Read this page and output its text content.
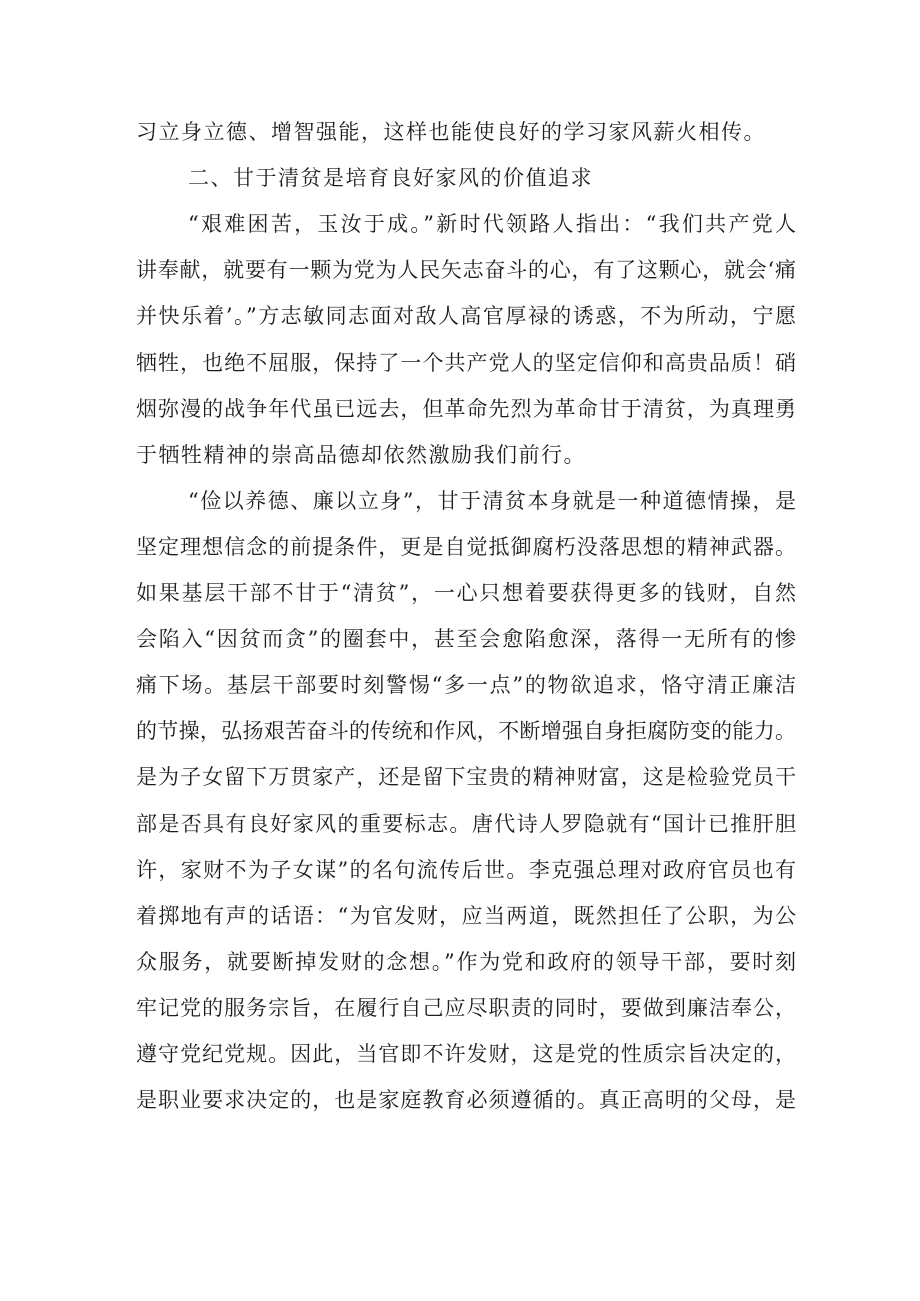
习立身立德、增智强能，这样也能使良好的学习家风薪火相传。
二、甘于清贫是培育良好家风的价值追求
“艰难困苦，玉汝于成。”新时代领路人指出：“我们共产党人
讲奉献，就要有一颗为党为人民矢志奋斗的心，有了这颗心，就会‘痛
并快乐着’。”方志敏同志面对敌人高官厚禄的诱惑，不为所动，宁愿
牺牲，也绝不屈服，保持了一个共产党人的坚定信仰和高贵品质！硝
烟弥漫的战争年代虽已远去，但革命先烈为革命甘于清贫，为真理勇
于牺牲精神的崇高品德却依然激励我们前行。
“俭以养德、廉以立身”，甘于清贫本身就是一种道德情操，是
坚定理想信念的前提条件，更是自觉抵御腐朽没落思想的精神武器。
如果基层干部不甘于“清贫”，一心只想着要获得更多的钱财，自然
会陷入“因贫而贪”的圈套中，甚至会愈陷愈深，落得一无所有的惨
痛下场。基层干部要时刻警惕“多一点”的物欲追求，恪守清正廉洁
的节操，弘扬艰苦奋斗的传统和作风，不断增强自身拒腐防变的能力。
是为子女留下万贯家产，还是留下宝贵的精神财富，这是检验党员干
部是否具有良好家风的重要标志。唐代诗人罗隐就有“国计已推肝胆
许，家财不为子女谋”的名句流传后世。李克强总理对政府官员也有
着掷地有声的话语：“为官发财，应当两道，既然担任了公职，为公
众服务，就要断掉发财的念想。”作为党和政府的领导干部，要时刻
牢记党的服务宗旨，在履行自己应尽职责的同时，要做到廉洁奉公，
遵守党纪党规。因此，当官即不许发财，这是党的性质宗旨决定的，
是职业要求决定的，也是家庭教育必须遵循的。真正高明的父母，是
